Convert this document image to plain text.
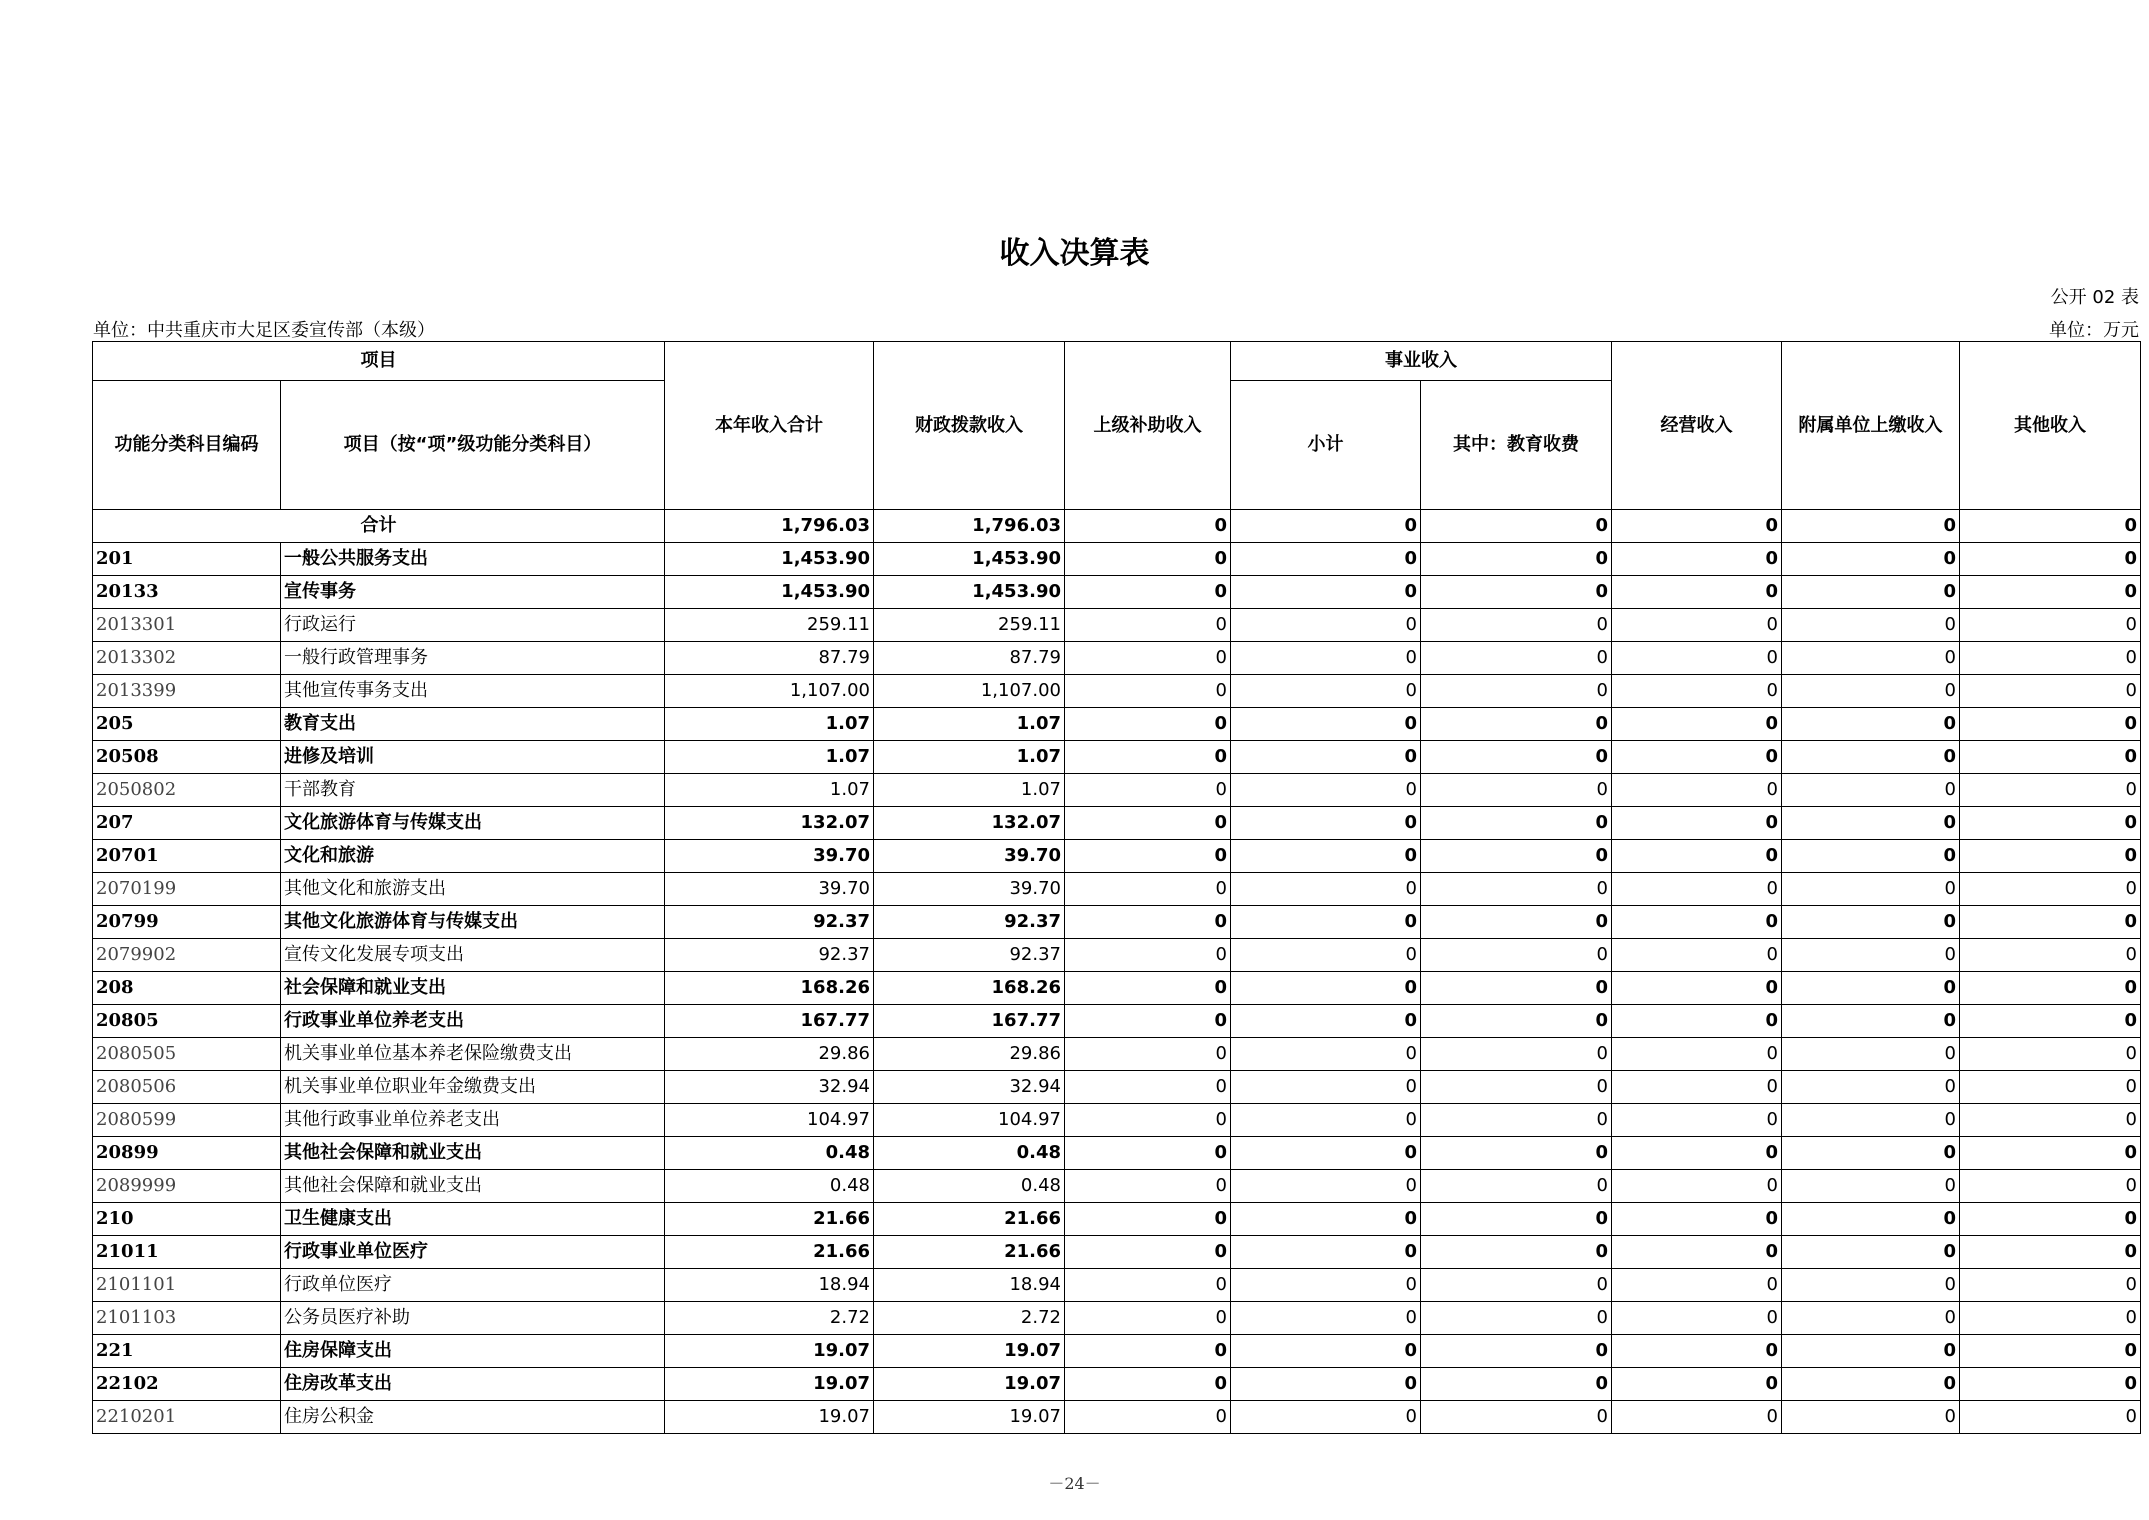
收入决算表
公开 02 表
单位：中共重庆市大足区委宣传部（本级）	单位：万元
项目		本年收入合计	财政拨款收入	上级补助收入	事业收入		经营收入	附属单位上缴收入	其他收入
功能分类科目编码	项目（按“项”级功能分类科目）				小计	其中：教育收费			
合计		1,796.03	1,796.03	0	0	0	0	0	0
201	一般公共服务支出	1,453.90	1,453.90	0	0	0	0	0	0
20133	宣传事务	1,453.90	1,453.90	0	0	0	0	0	0
2013301	行政运行	259.11	259.11	0	0	0	0	0	0
2013302	一般行政管理事务	87.79	87.79	0	0	0	0	0	0
2013399	其他宣传事务支出	1,107.00	1,107.00	0	0	0	0	0	0
205	教育支出	1.07	1.07	0	0	0	0	0	0
20508	进修及培训	1.07	1.07	0	0	0	0	0	0
2050802	干部教育	1.07	1.07	0	0	0	0	0	0
207	文化旅游体育与传媒支出	132.07	132.07	0	0	0	0	0	0
20701	文化和旅游	39.70	39.70	0	0	0	0	0	0
2070199	其他文化和旅游支出	39.70	39.70	0	0	0	0	0	0
20799	其他文化旅游体育与传媒支出	92.37	92.37	0	0	0	0	0	0
2079902	宣传文化发展专项支出	92.37	92.37	0	0	0	0	0	0
208	社会保障和就业支出	168.26	168.26	0	0	0	0	0	0
20805	行政事业单位养老支出	167.77	167.77	0	0	0	0	0	0
2080505	机关事业单位基本养老保险缴费支出	29.86	29.86	0	0	0	0	0	0
2080506	机关事业单位职业年金缴费支出	32.94	32.94	0	0	0	0	0	0
2080599	其他行政事业单位养老支出	104.97	104.97	0	0	0	0	0	0
20899	其他社会保障和就业支出	0.48	0.48	0	0	0	0	0	0
2089999	其他社会保障和就业支出	0.48	0.48	0	0	0	0	0	0
210	卫生健康支出	21.66	21.66	0	0	0	0	0	0
21011	行政事业单位医疗	21.66	21.66	0	0	0	0	0	0
2101101	行政单位医疗	18.94	18.94	0	0	0	0	0	0
2101103	公务员医疗补助	2.72	2.72	0	0	0	0	0	0
221	住房保障支出	19.07	19.07	0	0	0	0	0	0
22102	住房改革支出	19.07	19.07	0	0	0	0	0	0
2210201	住房公积金	19.07	19.07	0	0	0	0	0	0
－24－
